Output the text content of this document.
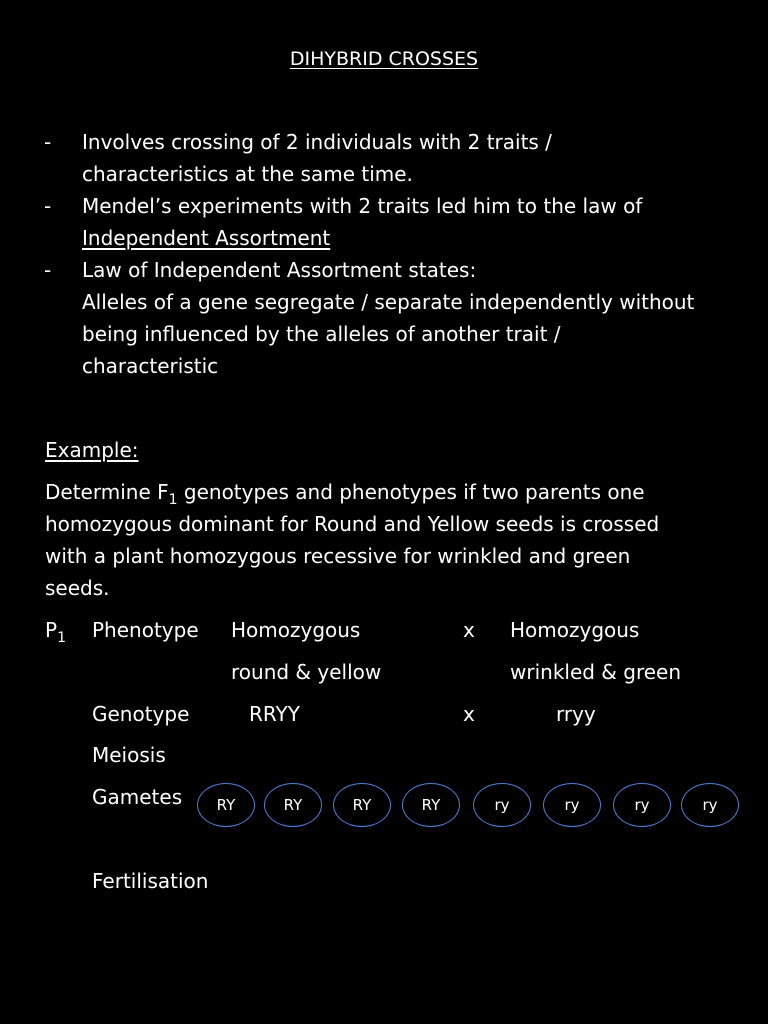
DIHYBRID CROSSES
- Involves crossing of 2 individuals with 2 traits /
characteristics at the same time.
- Mendel’s experiments with 2 traits led him to the law of
Independent Assortment
- Law of Independent Assortment states:
Alleles of a gene segregate / separate independently without
being influenced by the alleles of another trait /
characteristic
Example:
Determine $F_1$ genotypes and phenotypes if two parents one
homozygous dominant for Round and Yellow seeds is crossed
with a plant homozygous recessive for wrinkled and green
seeds.
$P_1$ Phenotype Homozygous	x Homozygous
round & yellow	wrinkled & green
Genotype	RRYY	x	rryy
Meiosis
Gametes	RY	RY	RY	RY	ry	ry	ry	ry
Fertilisation
